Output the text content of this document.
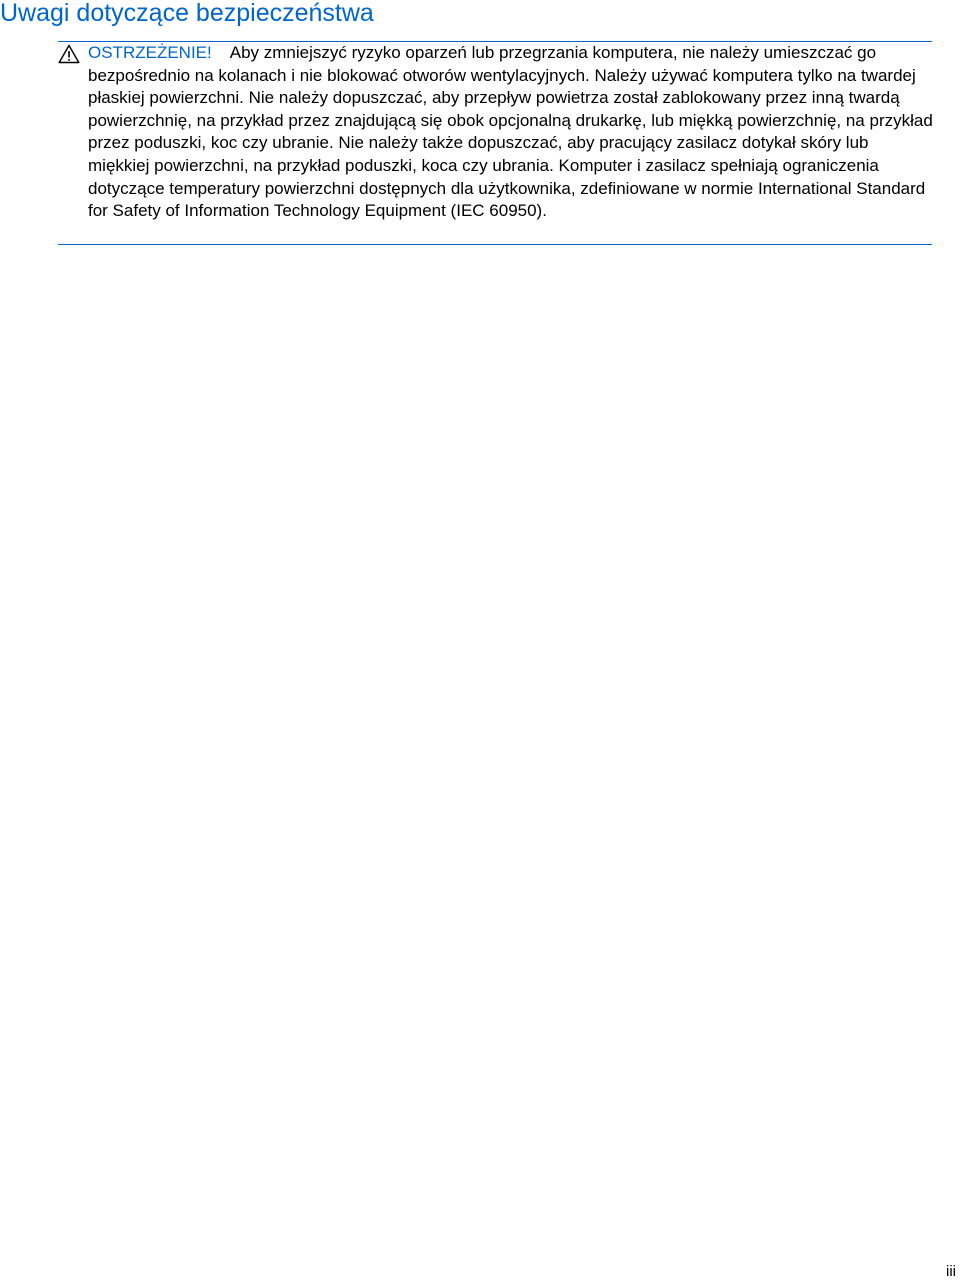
Uwagi dotyczące bezpieczeństwa
OSTRZEŻENIE! Aby zmniejszyć ryzyko oparzeń lub przegrzania komputera, nie należy umieszczać go bezpośrednio na kolanach i nie blokować otworów wentylacyjnych. Należy używać komputera tylko na twardej płaskiej powierzchni. Nie należy dopuszczać, aby przepływ powietrza został zablokowany przez inną twardą powierzchnię, na przykład przez znajdującą się obok opcjonalną drukarkę, lub miękką powierzchnię, na przykład przez poduszki, koc czy ubranie. Nie należy także dopuszczać, aby pracujący zasilacz dotykał skóry lub miękkiej powierzchni, na przykład poduszki, koca czy ubrania. Komputer i zasilacz spełniają ograniczenia dotyczące temperatury powierzchni dostępnych dla użytkownika, zdefiniowane w normie International Standard for Safety of Information Technology Equipment (IEC 60950).
iii
